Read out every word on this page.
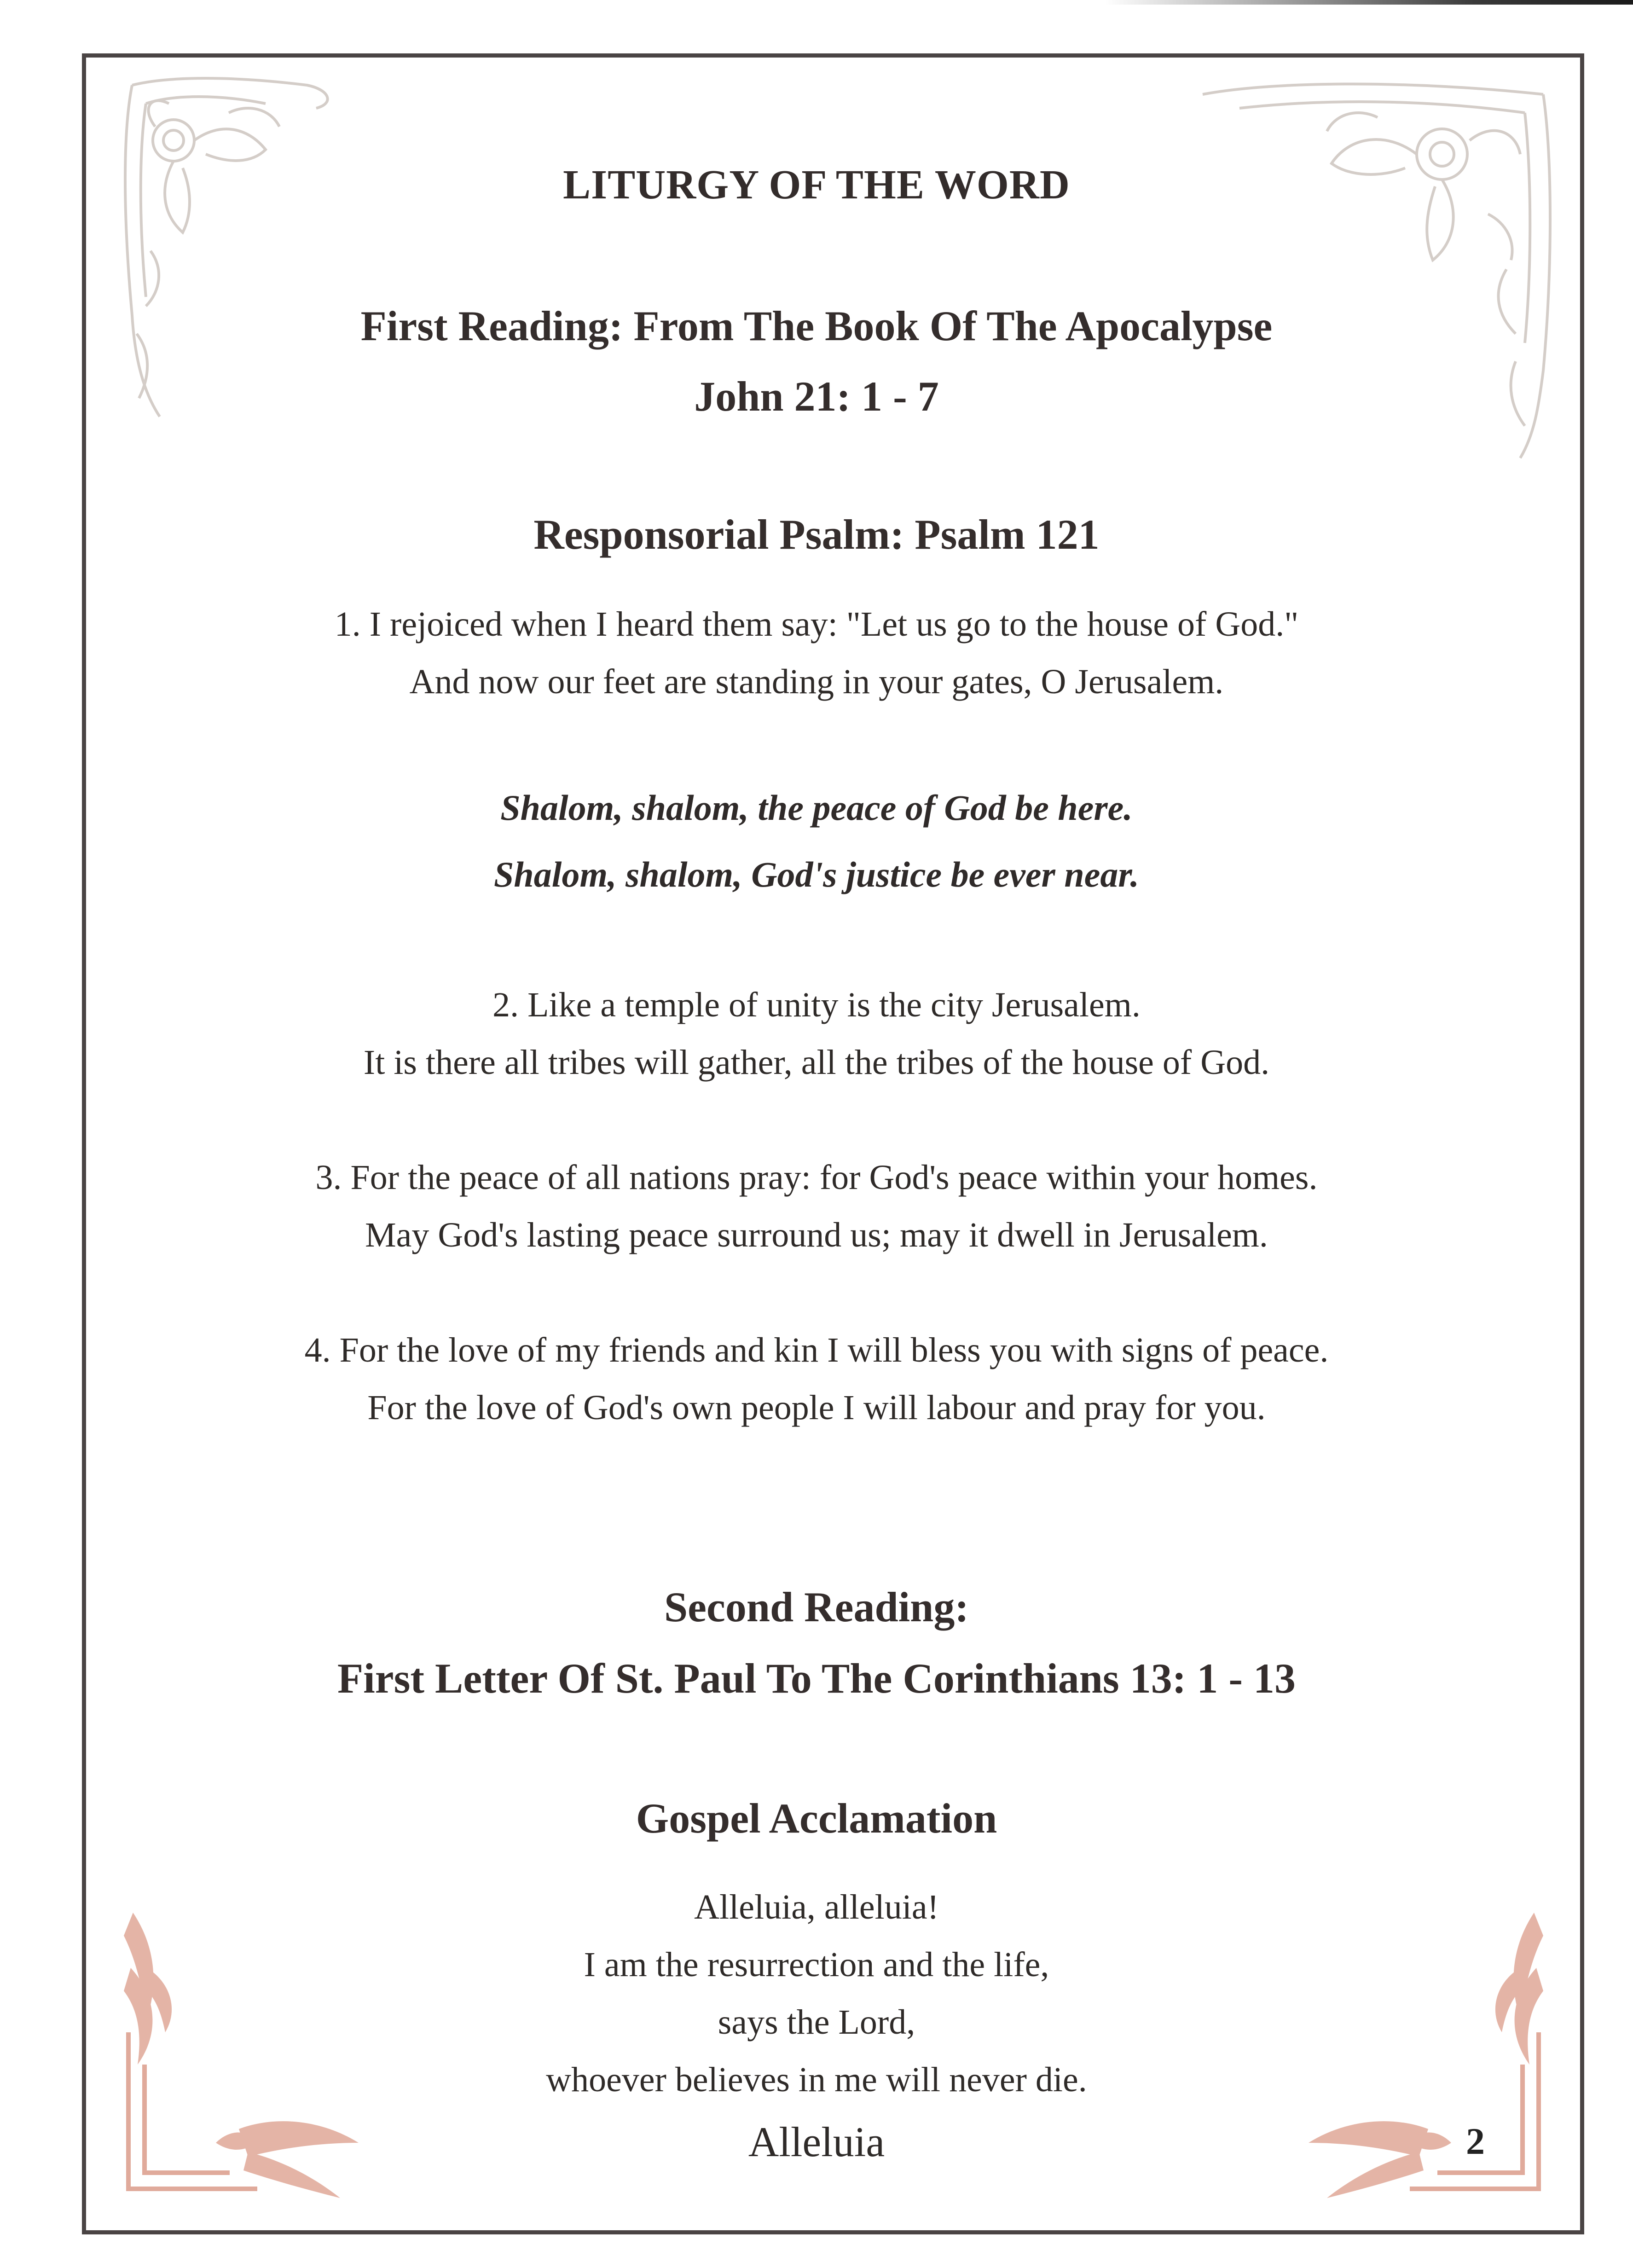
LITURGY OF THE WORD
First Reading: From The Book Of The Apocalypse
John 21: 1 - 7
Responsorial Psalm: Psalm 121
1. I rejoiced when I heard them say: "Let us go to the house of God."
And now our feet are standing in your gates, O Jerusalem.
Shalom, shalom, the peace of God be here.
Shalom, shalom, God's justice be ever near.
2. Like a temple of unity is the city Jerusalem.
It is there all tribes will gather, all the tribes of the house of God.
3. For the peace of all nations pray: for God's peace within your homes.
May God's lasting peace surround us; may it dwell in Jerusalem.
4. For the love of my friends and kin I will bless you with signs of peace.
For the love of God's own people I will labour and pray for you.
Second Reading:
First Letter Of St. Paul To The Corinthians 13: 1 - 13
Gospel Acclamation
Alleluia, alleluia!
I am the resurrection and the life,
says the Lord,
whoever believes in me will never die.
Alleluia	2
